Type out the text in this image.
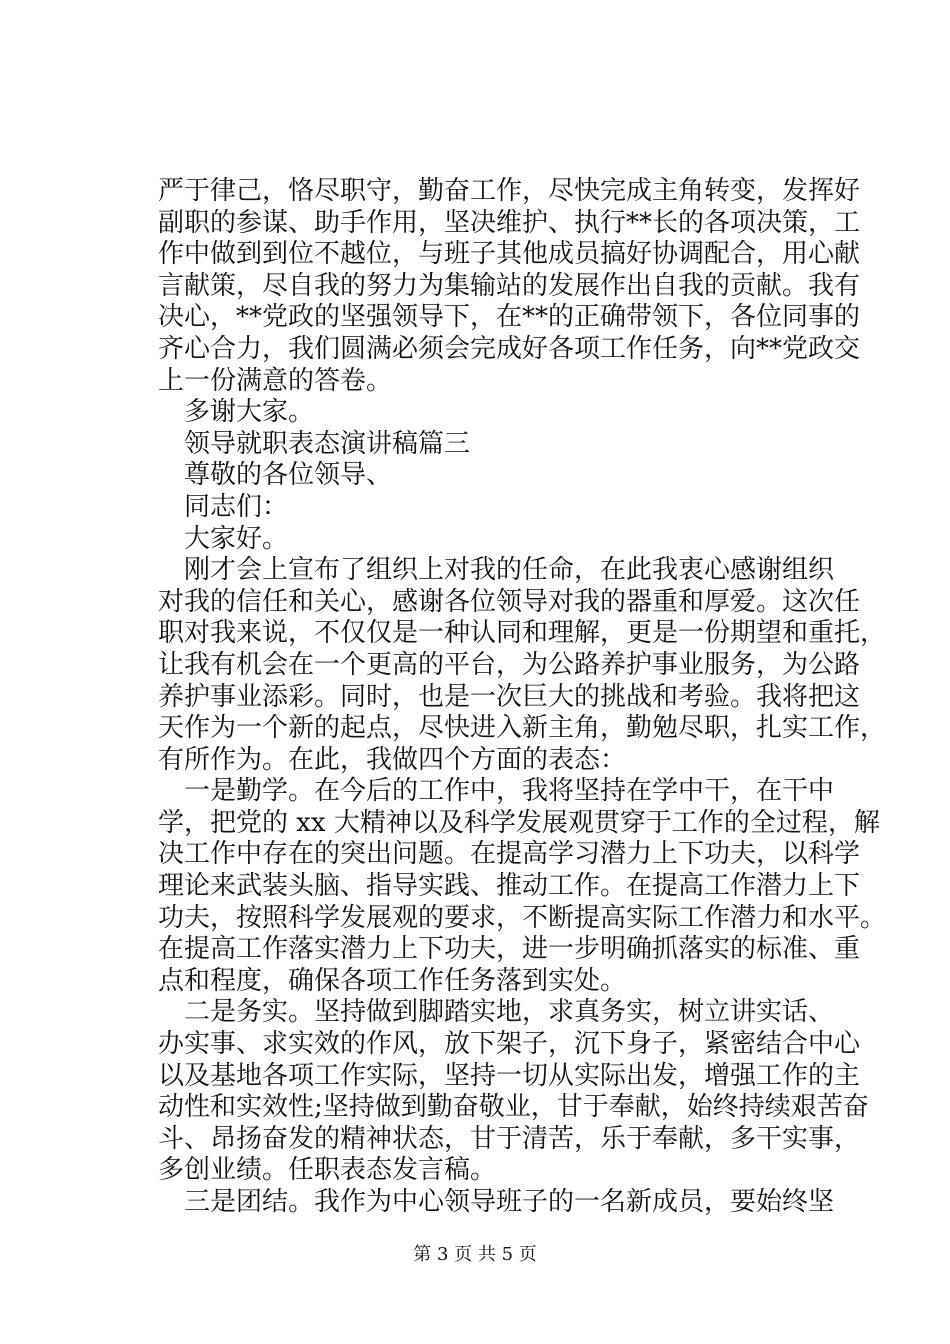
严于律己，恪尽职守，勤奋工作，尽快完成主角转变，发挥好
副职的参谋、助手作用，坚决维护、执行**长的各项决策，工
作中做到到位不越位，与班子其他成员搞好协调配合，用心献
言献策，尽自我的努力为集输站的发展作出自我的贡献。我有
决心，**党政的坚强领导下，在**的正确带领下，各位同事的
齐心合力，我们圆满必须会完成好各项工作任务，向**党政交
上一份满意的答卷。
多谢大家。
领导就职表态演讲稿篇三
尊敬的各位领导、
同志们：
大家好。
刚才会上宣布了组织上对我的任命，在此我衷心感谢组织
对我的信任和关心，感谢各位领导对我的器重和厚爱。这次任
职对我来说，不仅仅是一种认同和理解，更是一份期望和重托，
让我有机会在一个更高的平台，为公路养护事业服务，为公路
养护事业添彩。同时，也是一次巨大的挑战和考验。我将把这
天作为一个新的起点，尽快进入新主角，勤勉尽职，扎实工作，
有所作为。在此，我做四个方面的表态：
一是勤学。在今后的工作中，我将坚持在学中干，在干中
学，把党的 xx 大精神以及科学发展观贯穿于工作的全过程，解
决工作中存在的突出问题。在提高学习潜力上下功夫，以科学
理论来武装头脑、指导实践、推动工作。在提高工作潜力上下
功夫，按照科学发展观的要求，不断提高实际工作潜力和水平。
在提高工作落实潜力上下功夫，进一步明确抓落实的标准、重
点和程度，确保各项工作任务落到实处。
二是务实。坚持做到脚踏实地，求真务实，树立讲实话、
办实事、求实效的作风，放下架子，沉下身子，紧密结合中心
以及基地各项工作实际，坚持一切从实际出发，增强工作的主
动性和实效性;坚持做到勤奋敬业，甘于奉献，始终持续艰苦奋
斗、昂扬奋发的精神状态，甘于清苦，乐于奉献，多干实事，
多创业绩。任职表态发言稿。
三是团结。我作为中心领导班子的一名新成员，要始终坚
第 3 页 共 5 页
